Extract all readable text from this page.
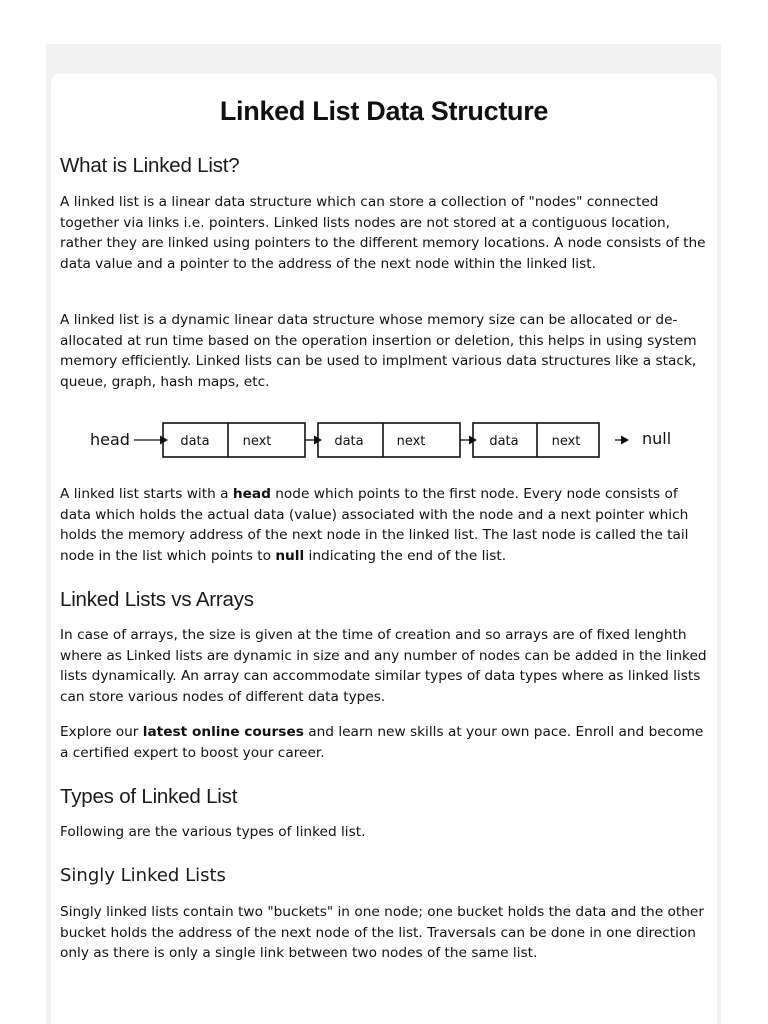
Linked List Data Structure
What is Linked List?

A linked list is a linear data structure which can store a collection of "nodes" connected together via links i.e. pointers. Linked lists nodes are not stored at a contiguous location, rather they are linked using pointers to the different memory locations. A node consists of the data value and a pointer to the address of the next node within the linked list.

A linked list is a dynamic linear data structure whose memory size can be allocated or de-allocated at run time based on the operation insertion or deletion, this helps in using system memory efficiently. Linked lists can be used to implment various data structures like a stack, queue, graph, hash maps, etc.

head	data	next	data	next	data	next	null

A linked list starts with a head node which points to the first node. Every node consists of data which holds the actual data (value) associated with the node and a next pointer which holds the memory address of the next node in the linked list. The last node is called the tail node in the list which points to null indicating the end of the list.

Linked Lists vs Arrays

In case of arrays, the size is given at the time of creation and so arrays are of fixed lenghth where as Linked lists are dynamic in size and any number of nodes can be added in the linked lists dynamically. An array can accommodate similar types of data types where as linked lists can store various nodes of different data types.

Explore our latest online courses and learn new skills at your own pace. Enroll and become a certified expert to boost your career.

Types of Linked List

Following are the various types of linked list.

Singly Linked Lists

Singly linked lists contain two "buckets" in one node; one bucket holds the data and the other bucket holds the address of the next node of the list. Traversals can be done in one direction only as there is only a single link between two nodes of the same list.
